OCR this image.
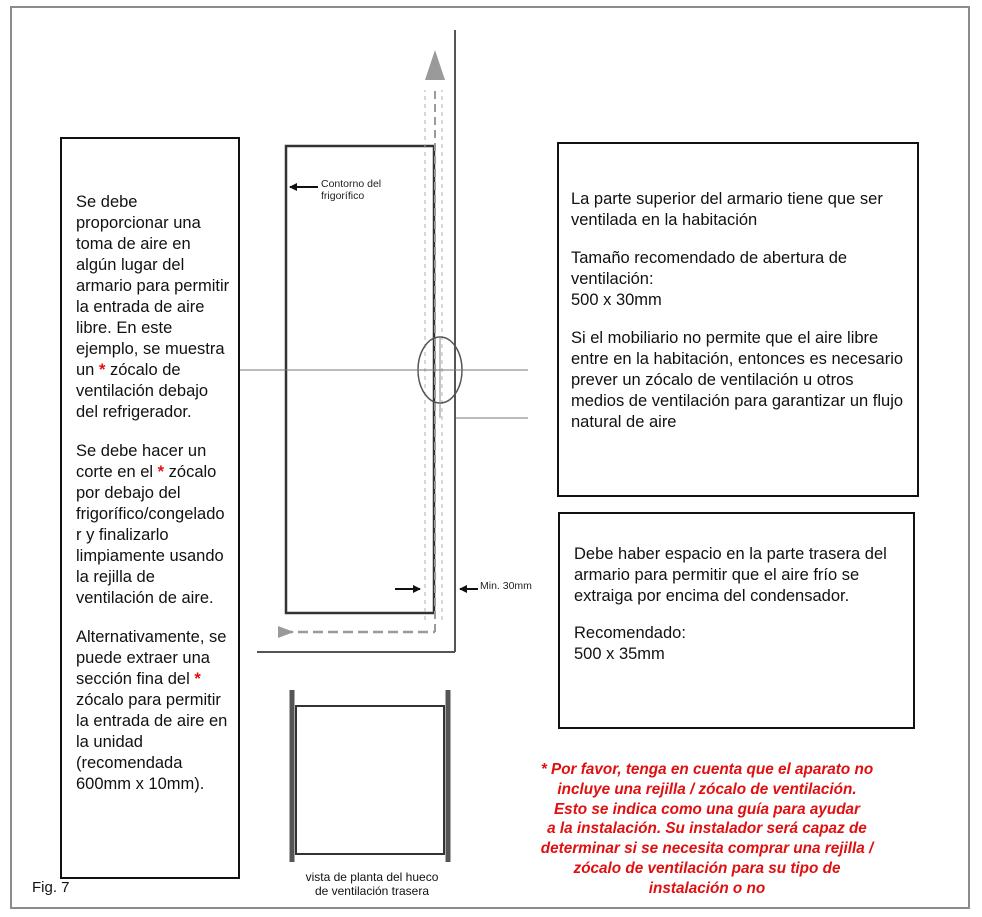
Contorno del
frigorífico
Min. 30mm

Se debe proporcionar una toma de aire en algún lugar del armario para permitir la entrada de aire libre. En este ejemplo, se muestra un * zócalo de ventilación debajo del refrigerador.

Se debe hacer un corte en el * zócalo por debajo del frigorífico/congelado r y finalizarlo limpiamente usando la rejilla de ventilación de aire.

Alternativamente, se puede extraer una sección fina del * zócalo para permitir la entrada de aire en la unidad (recomendada 600mm x 10mm).

La parte superior del armario tiene que ser ventilada en la habitación

Tamaño recomendado de abertura de ventilación:
500 x 30mm

Si el mobiliario no permite que el aire libre entre en la habitación, entonces es necesario prever un zócalo de ventilación u otros medios de ventilación para garantizar un flujo natural de aire

Debe haber espacio en la parte trasera del armario para permitir que el aire frío se extraiga por encima del condensador.

Recomendado:
500 x 35mm

* Por favor, tenga en cuenta que el aparato no
incluye una rejilla / zócalo de ventilación.
Esto se indica como una guía para ayudar
a la instalación. Su instalador será capaz de
determinar si se necesita comprar una rejilla /
zócalo de ventilación para su tipo de
instalación o no
vista de planta del hueco
de ventilación trasera
Fig. 7
